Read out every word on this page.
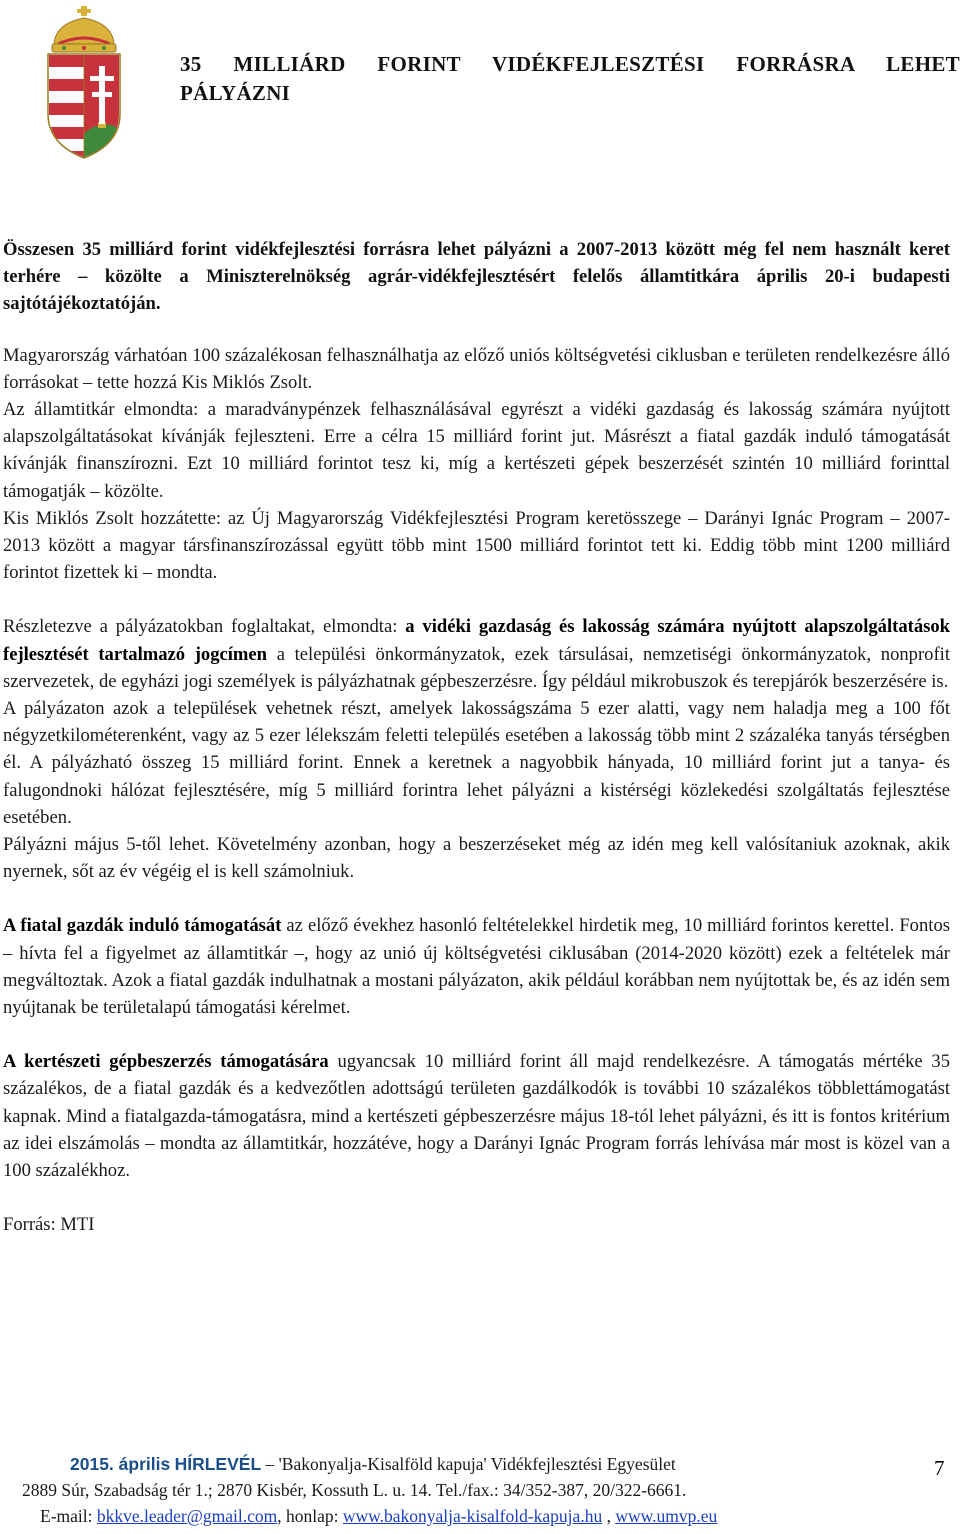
35 MILLIÁRD FORINT VIDÉKFEJLESZTÉSI FORRÁSRA LEHET
PÁLYÁZNI

Összesen 35 milliárd forint vidékfejlesztési forrásra lehet pályázni a 2007-2013 között még fel nem használt keret terhére – közölte a Miniszterelnökség agrár-vidékfejlesztésért felelős államtitkára április 20-i budapesti sajtótájékoztatóján.

Magyarország várhatóan 100 százalékosan felhasználhatja az előző uniós költségvetési ciklusban e területen rendelkezésre álló forrásokat – tette hozzá Kis Miklós Zsolt.

Az államtitkár elmondta: a maradványpénzek felhasználásával egyrészt a vidéki gazdaság és lakosság számára nyújtott alapszolgáltatásokat kívánják fejleszteni. Erre a célra 15 milliárd forint jut. Másrészt a fiatal gazdák induló támogatását kívánják finanszírozni. Ezt 10 milliárd forintot tesz ki, míg a kertészeti gépek beszerzését szintén 10 milliárd forinttal támogatják – közölte.

Kis Miklós Zsolt hozzátette: az Új Magyarország Vidékfejlesztési Program keretösszege – Darányi Ignác Program – 2007-2013 között a magyar társfinanszírozással együtt több mint 1500 milliárd forintot tett ki. Eddig több mint 1200 milliárd forintot fizettek ki – mondta.

Részletezve a pályázatokban foglaltakat, elmondta: a vidéki gazdaság és lakosság számára nyújtott alapszolgáltatások fejlesztését tartalmazó jogcímen a települési önkormányzatok, ezek társulásai, nemzetiségi önkormányzatok, nonprofit szervezetek, de egyházi jogi személyek is pályázhatnak gépbeszerzésre. Így például mikrobuszok és terepjárók beszerzésére is.

A pályázaton azok a települések vehetnek részt, amelyek lakosságszáma 5 ezer alatti, vagy nem haladja meg a 100 főt négyzetkilométerenként, vagy az 5 ezer lélekszám feletti település esetében a lakosság több mint 2 százaléka tanyás térségben él. A pályázható összeg 15 milliárd forint. Ennek a keretnek a nagyobbik hányada, 10 milliárd forint jut a tanya- és falugondnoki hálózat fejlesztésére, míg 5 milliárd forintra lehet pályázni a kistérségi közlekedési szolgáltatás fejlesztése esetében.

Pályázni május 5-től lehet. Követelmény azonban, hogy a beszerzéseket még az idén meg kell valósítaniuk azoknak, akik nyernek, sőt az év végéig el is kell számolniuk.

A fiatal gazdák induló támogatását az előző évekhez hasonló feltételekkel hirdetik meg, 10 milliárd forintos kerettel. Fontos – hívta fel a figyelmet az államtitkár –, hogy az unió új költségvetési ciklusában (2014-2020 között) ezek a feltételek már megváltoztak. Azok a fiatal gazdák indulhatnak a mostani pályázaton, akik például korábban nem nyújtottak be, és az idén sem nyújtanak be területalapú támogatási kérelmet.

A kertészeti gépbeszerzés támogatására ugyancsak 10 milliárd forint áll majd rendelkezésre. A támogatás mértéke 35 százalékos, de a fiatal gazdák és a kedvezőtlen adottságú területen gazdálkodók is további 10 százalékos többlettámogatást kapnak. Mind a fiatalgazda-támogatásra, mind a kertészeti gépbeszerzésre május 18-tól lehet pályázni, és itt is fontos kritérium az idei elszámolás – mondta az államtitkár, hozzátéve, hogy a Darányi Ignác Program forrás lehívása már most is közel van a 100 százalékhoz.

Forrás: MTI

2015. április HÍRLEVÉL – 'Bakonyalja-Kisalföld kapuja' Vidékfejlesztési Egyesület
2889 Súr, Szabadság tér 1.; 2870 Kisbér, Kossuth L. u. 14. Tel./fax.: 34/352-387, 20/322-6661.
E-mail: bkkve.leader@gmail.com, honlap: www.bakonyalja-kisalfold-kapuja.hu , www.umvp.eu
7
